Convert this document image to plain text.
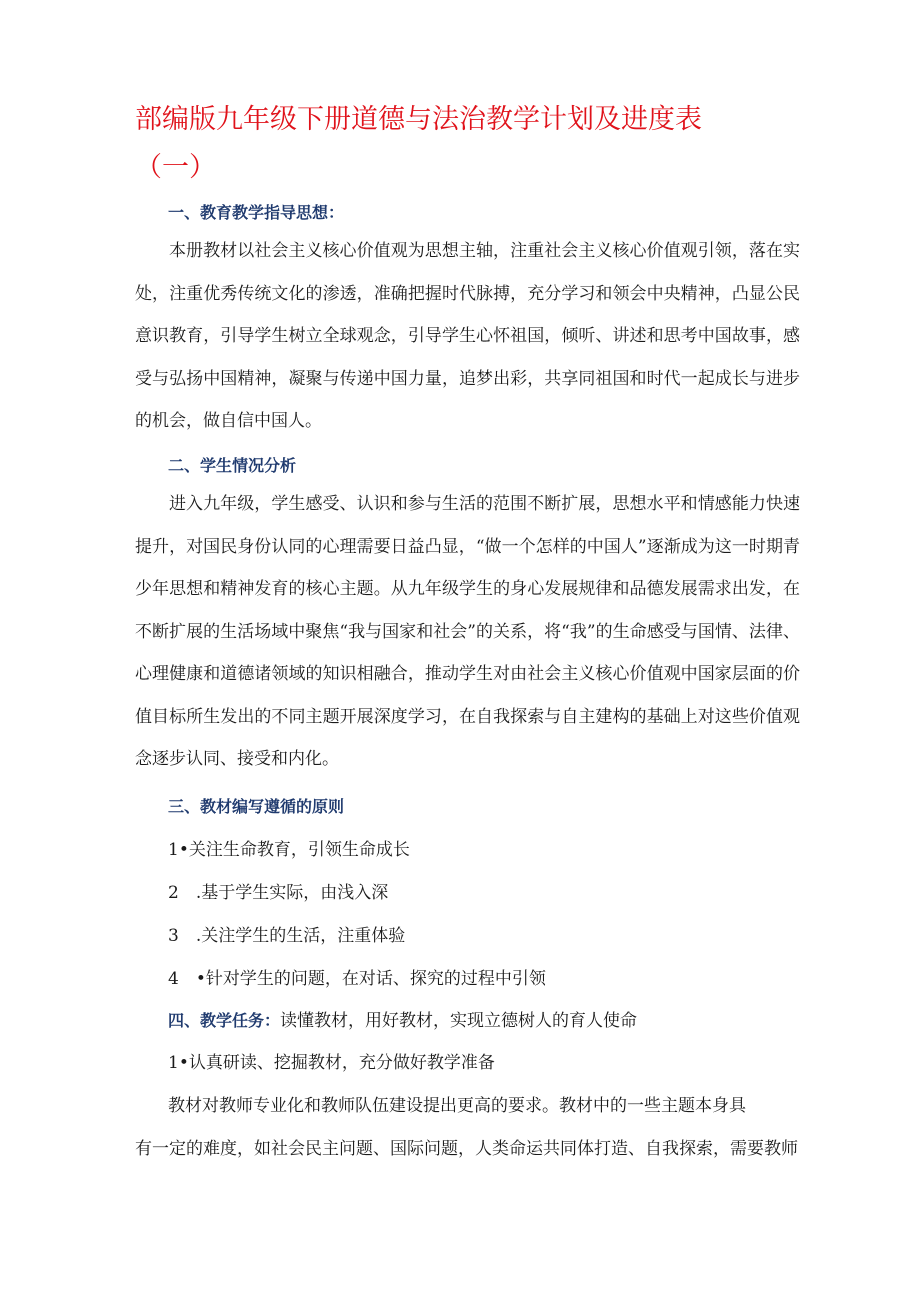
部编版九年级下册道德与法治教学计划及进度表
（一）
一、教育教学指导思想：

本册教材以社会主义核心价值观为思想主轴，注重社会主义核心价值观引领，落在实处，注重优秀传统文化的渗透，准确把握时代脉搏，充分学习和领会中央精神，凸显公民意识教育，引导学生树立全球观念，引导学生心怀祖国，倾听、讲述和思考中国故事，感受与弘扬中国精神，凝聚与传递中国力量，追梦出彩，共享同祖国和时代一起成长与进步的机会，做自信中国人。

二、学生情况分析

进入九年级，学生感受、认识和参与生活的范围不断扩展，思想水平和情感能力快速提升，对国民身份认同的心理需要日益凸显，“做一个怎样的中国人”逐渐成为这一时期青少年思想和精神发育的核心主题。从九年级学生的身心发展规律和品德发展需求出发，在不断扩展的生活场域中聚焦“我与国家和社会”的关系，将“我”的生命感受与国情、法律、心理健康和道德诸领域的知识相融合，推动学生对由社会主义核心价值观中国家层面的价值目标所生发出的不同主题开展深度学习，在自我探索与自主建构的基础上对这些价值观念逐步认同、接受和内化。

三、教材编写遵循的原则
1•关注生命教育，引领生命成长
2　.基于学生实际，由浅入深
3　.关注学生的生活，注重体验
4　•针对学生的问题，在对话、探究的过程中引领
四、教学任务：读懂教材，用好教材，实现立德树人的育人使命
1•认真研读、挖掘教材，充分做好教学准备
教材对教师专业化和教师队伍建设提出更高的要求。教材中的一些主题本身具
有一定的难度，如社会民主问题、国际问题，人类命运共同体打造、自我探索，需要教师
